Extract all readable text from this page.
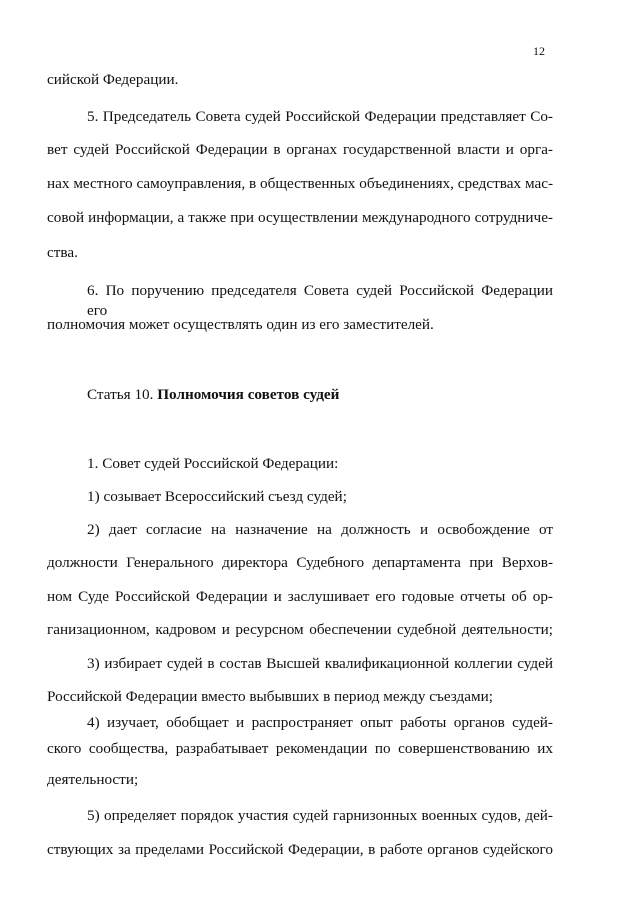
12
сийской Федерации.
5. Председатель Совета судей Российской Федерации представляет Со-
вет судей Российской Федерации в органах государственной власти и орга-
нах местного самоуправления, в общественных объединениях, средствах мас-
совой информации, а также при осуществлении международного сотрудниче-
ства.
6. По поручению председателя Совета судей Российской Федерации его
полномочия может осуществлять один из его заместителей.
Статья 10. Полномочия советов судей
1. Совет судей Российской Федерации:
1) созывает Всероссийский съезд судей;
2) дает согласие на назначение на должность и освобождение от
должности Генерального директора Судебного департамента при Верхов-
ном Суде Российской Федерации и заслушивает его годовые отчеты об ор-
ганизационном, кадровом и ресурсном обеспечении судебной деятельности;
3) избирает судей в состав Высшей квалификационной коллегии судей
Российской Федерации вместо выбывших в период между съездами;
4) изучает, обобщает и распространяет опыт работы органов судей-
ского сообщества, разрабатывает рекомендации по совершенствованию их
деятельности;
5) определяет порядок участия судей гарнизонных военных судов, дей-
ствующих за пределами Российской Федерации, в работе органов судейского
